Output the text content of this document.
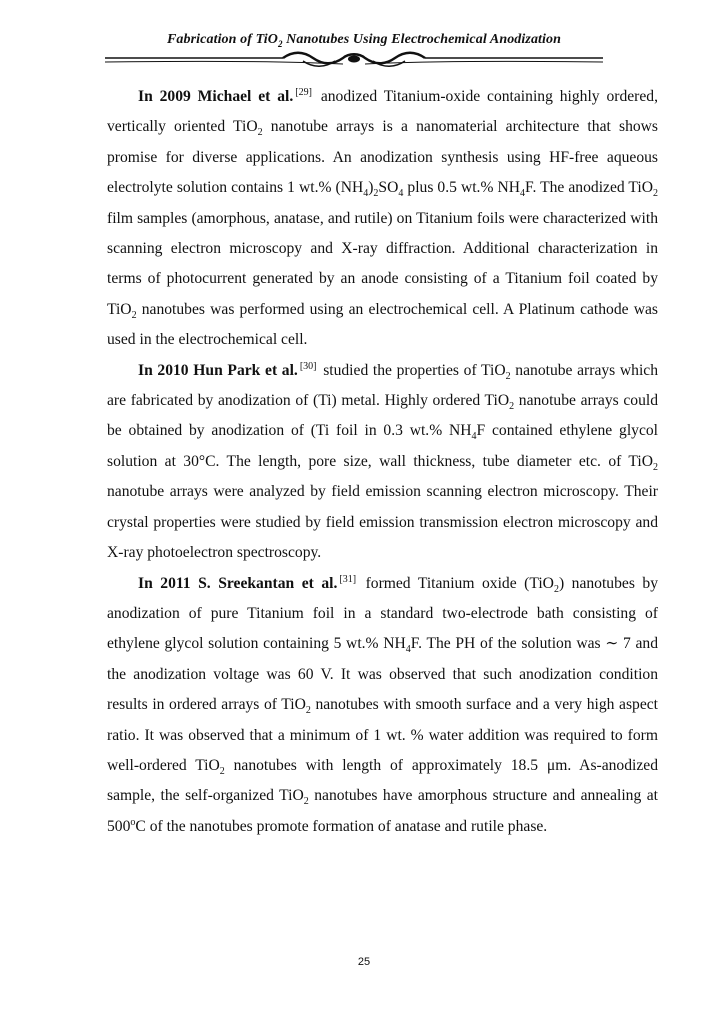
Fabrication of TiO$_2$ Nanotubes Using Electrochemical Anodization

In 2009 Michael et al. [29] anodized Titanium-oxide containing highly ordered, vertically oriented TiO$_2$ nanotube arrays is a nanomaterial architecture that shows promise for diverse applications. An anodization synthesis using HF-free aqueous electrolyte solution contains 1 wt.% $(NH_4)_2SO_4$ plus 0.5 wt.% $NH_4F$. The anodized TiO$_2$ film samples (amorphous, anatase, and rutile) on Titanium foils were characterized with scanning electron microscopy and X-ray diffraction. Additional characterization in terms of photocurrent generated by an anode consisting of a Titanium foil coated by TiO$_2$ nanotubes was performed using an electrochemical cell. A Platinum cathode was used in the electrochemical cell.

In 2010 Hun Park et al. [30] studied the properties of TiO$_2$ nanotube arrays which are fabricated by anodization of (Ti) metal. Highly ordered TiO$_2$ nanotube arrays could be obtained by anodization of (Ti foil in 0.3 wt.% $NH_4F$ contained ethylene glycol solution at 30°C. The length, pore size, wall thickness, tube diameter etc. of TiO$_2$ nanotube arrays were analyzed by field emission scanning electron microscopy. Their crystal properties were studied by field emission transmission electron microscopy and X-ray photoelectron spectroscopy.

In 2011 S. Sreekantan et al. [31] formed Titanium oxide (TiO$_2$) nanotubes by anodization of pure Titanium foil in a standard two-electrode bath consisting of ethylene glycol solution containing 5 wt.% $NH_4F$. The PH of the solution was ∼ 7 and the anodization voltage was 60 V. It was observed that such anodization condition results in ordered arrays of TiO$_2$ nanotubes with smooth surface and a very high aspect ratio. It was observed that a minimum of 1 wt. % water addition was required to form well-ordered TiO$_2$ nanotubes with length of approximately 18.5 μm. As-anodized sample, the self-organized TiO$_2$ nanotubes have amorphous structure and annealing at 500$^o$C of the nanotubes promote formation of anatase and rutile phase.

25
